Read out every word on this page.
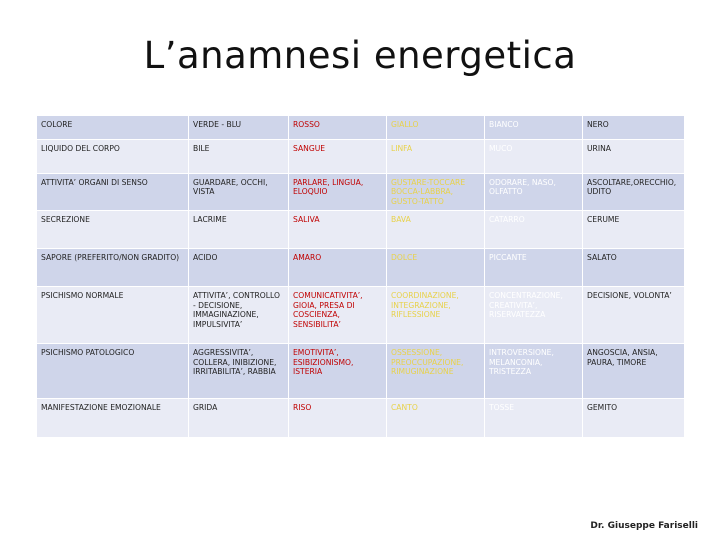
L’anamnesi energetica
COLORE	VERDE - BLU	ROSSO	GIALLO	BIANCO	NERO
LIQUIDO DEL CORPO	BILE	SANGUE	LINFA	MUCO	URINA
ATTIVITA’ ORGANI DI SENSO	GUARDARE, OCCHI, VISTA	PARLARE, LINGUA, ELOQUIO	GUSTARE-TOCCARE BOCCA-LABBRA, GUSTO-TATTO	ODORARE, NASO, OLFATTO	ASCOLTARE,ORECCHIO, UDITO
SECREZIONE	LACRIME	SALIVA	BAVA	CATARRO	CERUME
SAPORE (PREFERITO/NON GRADITO)	ACIDO	AMARO	DOLCE	PICCANTE	SALATO
PSICHISMO NORMALE	ATTIVITA’, CONTROLLO - DECISIONE, IMMAGINAZIONE, IMPULSIVITA’	COMUNICATIVITA’, GIOIA, PRESA DI COSCIENZA, SENSIBILITA’	COORDINAZIONE, INTEGRAZIONE, RIFLESSIONE	CONCENTRAZIONE, CREATIVITA’, RISERVATEZZA	DECISIONE, VOLONTA’
PSICHISMO PATOLOGICO	AGGRESSIVITA’, COLLERA, INIBIZIONE, IRRITABILITA’, RABBIA	EMOTIVITA’, ESIBIZIONISMO, ISTERIA	OSSESSIONE, PREOCCUPAZIONE, RIMUGINAZIONE	INTROVERSIONE, MELANCONIA, TRISTEZZA	ANGOSCIA, ANSIA, PAURA, TIMORE
MANIFESTAZIONE EMOZIONALE	GRIDA	RISO	CANTO	TOSSE	GEMITO
Dr. Giuseppe Fariselli
